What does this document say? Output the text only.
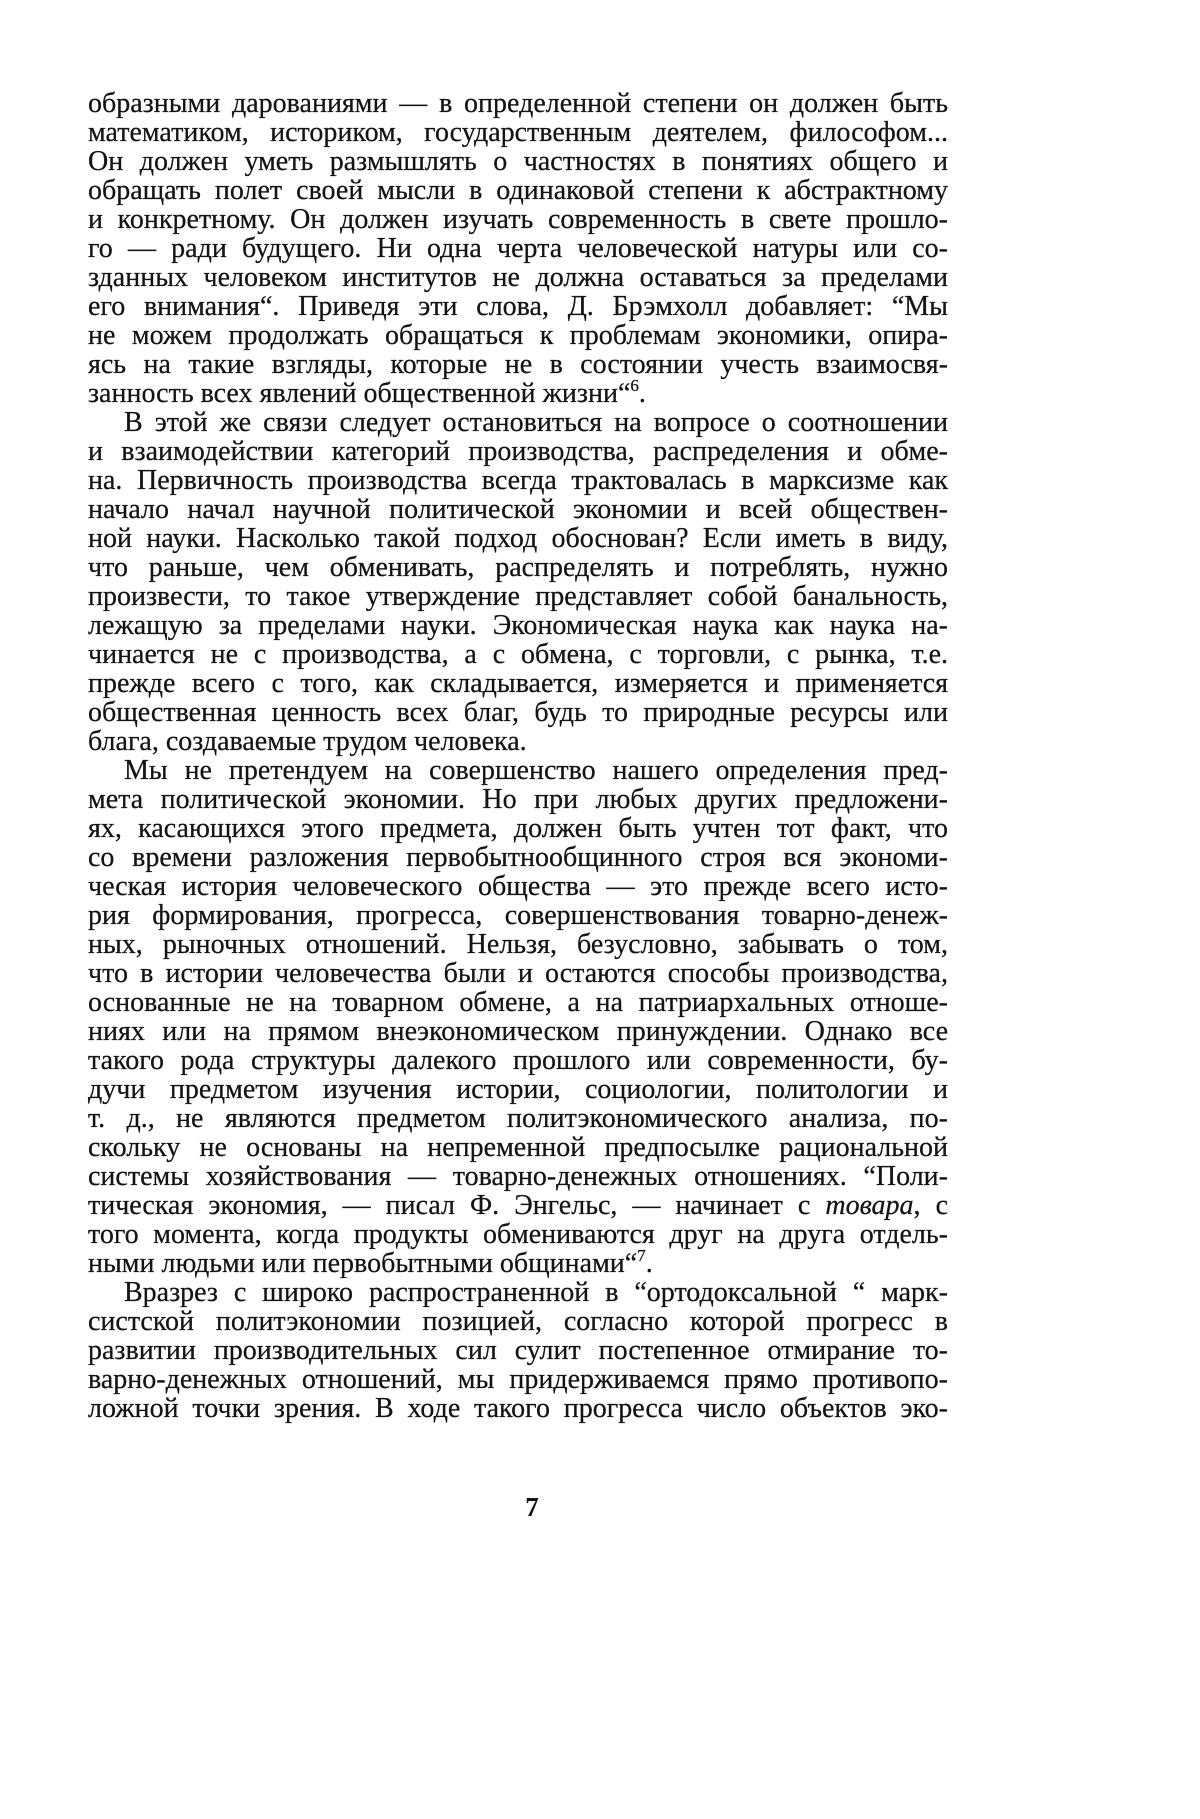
образными дарованиями — в определенной степени он должен быть
математиком, историком, государственным деятелем, философом...
Он должен уметь размышлять о частностях в понятиях общего и
обращать полет своей мысли в одинаковой степени к абстрактному
и конкретному. Он должен изучать современность в свете прошло-
го — ради будущего. Ни одна черта человеческой натуры или со-
зданных человеком институтов не должна оставаться за пределами
его внимания“. Приведя эти слова, Д. Брэмхолл добавляет: “Мы
не можем продолжать обращаться к проблемам экономики, опира-
ясь на такие взгляды, которые не в состоянии учесть взаимосвя-
занность всех явлений общественной жизни“$^6$.
В этой же связи следует остановиться на вопросе о соотношении
и взаимодействии категорий производства, распределения и обме-
на. Первичность производства всегда трактовалась в марксизме как
начало начал научной политической экономии и всей обществен-
ной науки. Насколько такой подход обоснован? Если иметь в виду,
что раньше, чем обменивать, распределять и потреблять, нужно
произвести, то такое утверждение представляет собой банальность,
лежащую за пределами науки. Экономическая наука как наука на-
чинается не с производства, а с обмена, с торговли, с рынка, т.е.
прежде всего с того, как складывается, измеряется и применяется
общественная ценность всех благ, будь то природные ресурсы или
блага, создаваемые трудом человека.
Мы не претендуем на совершенство нашего определения пред-
мета политической экономии. Но при любых других предложени-
ях, касающихся этого предмета, должен быть учтен тот факт, что
со времени разложения первобытнообщинного строя вся экономи-
ческая история человеческого общества — это прежде всего исто-
рия формирования, прогресса, совершенствования товарно-денеж-
ных, рыночных отношений. Нельзя, безусловно, забывать о том,
что в истории человечества были и остаются способы производства,
основанные не на товарном обмене, а на патриархальных отноше-
ниях или на прямом внеэкономическом принуждении. Однако все
такого рода структуры далекого прошлого или современности, бу-
дучи предметом изучения истории, социологии, политологии и
т. д., не являются предметом политэкономического анализа, по-
скольку не основаны на непременной предпосылке рациональной
системы хозяйствования — товарно-денежных отношениях. “Поли-
тическая экономия, — писал Ф. Энгельс, — начинает с товара, с
того момента, когда продукты обмениваются друг на друга отдель-
ными людьми или первобытными общинами“$^7$.
Вразрез с широко распространенной в “ортодоксальной “ марк-
систской политэкономии позицией, согласно которой прогресс в
развитии производительных сил сулит постепенное отмирание то-
варно-денежных отношений, мы придерживаемся прямо противопо-
ложной точки зрения. В ходе такого прогресса число объектов эко-
7
